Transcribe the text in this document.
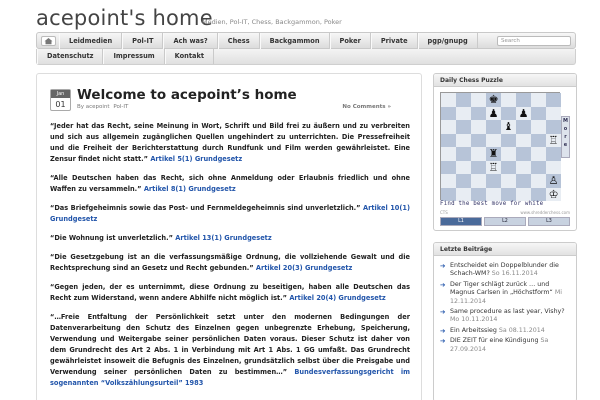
acepoint's home
Medien, Pol-IT, Chess, Backgammon, Poker
Leidmedien	Pol-IT	Ach was?	Chess	Backgammon	Poker	Private	pgp/gnupg	Search
Datenschutz	Impressum	Kontakt
Jan
01
Welcome to acepoint’s home
By acepoint Pol-IT	No Comments »

“Jeder hat das Recht, seine Meinung in Wort, Schrift und Bild frei zu äußern und zu verbreiten und sich aus allgemein zugänglichen Quellen ungehindert zu unterrichten. Die Pressefreiheit und die Freiheit der Berichterstattung durch Rundfunk und Film werden gewährleistet. Eine Zensur findet nicht statt.” Artikel 5(1) Grundgesetz

“Alle Deutschen haben das Recht, sich ohne Anmeldung oder Erlaubnis friedlich und ohne Waffen zu versammeln.” Artikel 8(1) Grundgesetz

“Das Briefgeheimnis sowie das Post- und Fernmeldegeheimnis sind unverletzlich.” Artikel 10(1) Grundgesetz

“Die Wohnung ist unverletzlich.” Artikel 13(1) Grundgesetz

“Die Gesetzgebung ist an die verfassungsmäßige Ordnung, die vollziehende Gewalt und die Rechtsprechung sind an Gesetz und Recht gebunden.” Artikel 20(3) Grundgesetz

“Gegen jeden, der es unternimmt, diese Ordnung zu beseitigen, haben alle Deutschen das Recht zum Widerstand, wenn andere Abhilfe nicht möglich ist.” Artikel 20(4) Grundgesetz

“…Freie Entfaltung der Persönlichkeit setzt unter den modernen Bedingungen der Datenverarbeitung den Schutz des Einzelnen gegen unbegrenzte Erhebung, Speicherung, Verwendung und Weitergabe seiner persönlichen Daten voraus. Dieser Schutz ist daher von dem Grundrecht des Art 2 Abs. 1 in Verbindung mit Art 1 Abs. 1 GG umfaßt. Das Grundrecht gewährleistet insoweit die Befugnis des Einzelnen, grundsätzlich selbst über die Preisgabe und Verwendung seiner persönlichen Daten zu bestimmen…” Bundesverfassungsgericht im sogenannten “Volkszählungsurteil” 1983

Daily Chess Puzzle
♚
♟ ♟
♝
♖
♜
♖
♙
♔
M
o
r
e
Find the best move for white
CTS	www.shredderchess.com
L1	L2	L3
Letzte Beiträge
➔ Entscheidet ein Doppelblunder die Schach-WM? So 16.11.2014
➔ Der Tiger schlägt zurück … und Magnus Carlsen in „Höchstform“ Mi 12.11.2014
➔ Same procedure as last year, Vishy? Mo 10.11.2014
➔ Ein Arbeitssieg Sa 08.11.2014
➔ DIE ZEIT für eine Kündigung Sa 27.09.2014
